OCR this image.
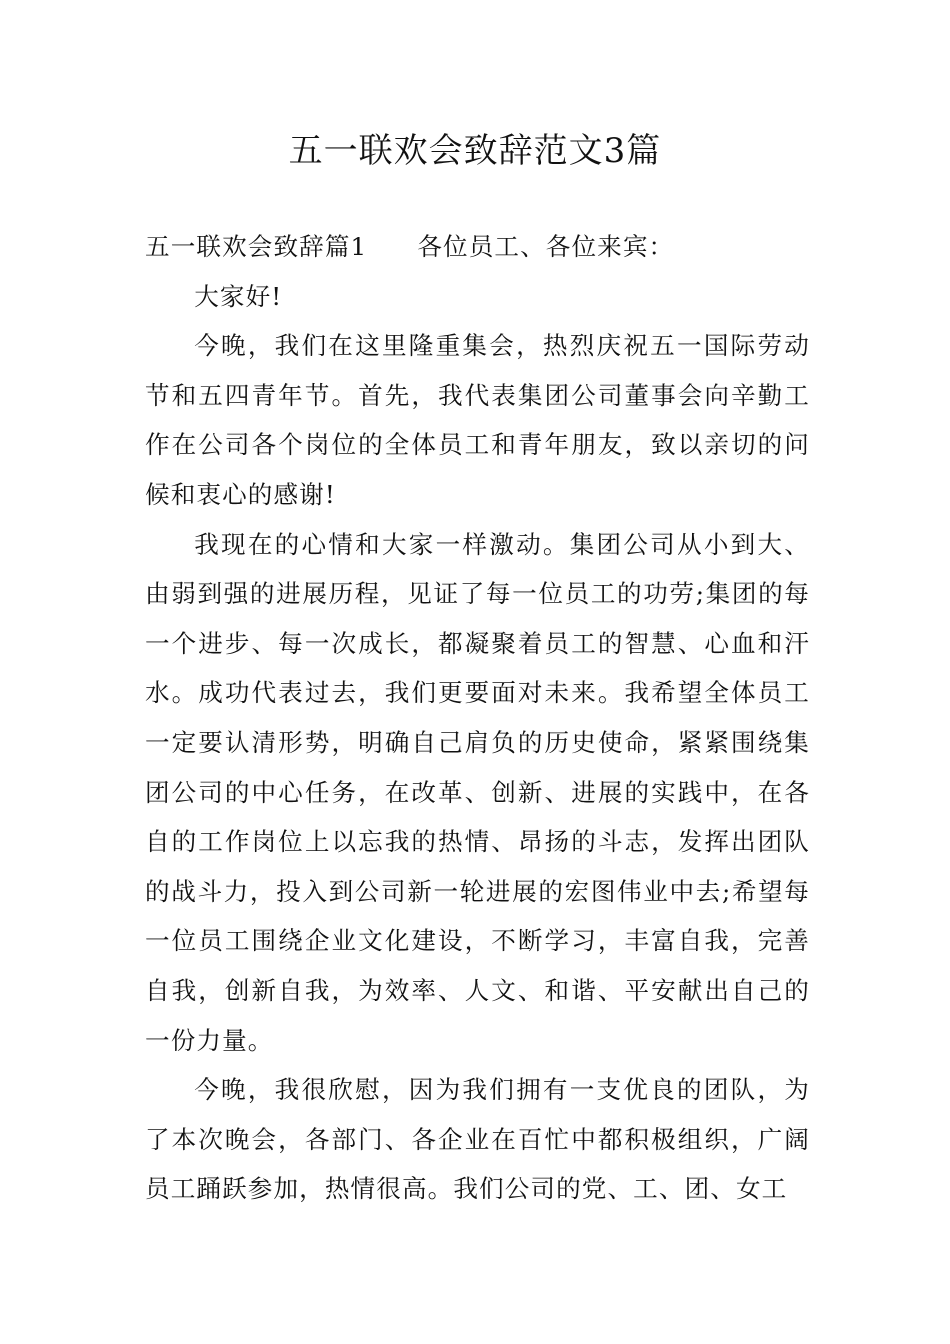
五一联欢会致辞范文3篇

五一联欢会致辞篇1 各位员工、各位来宾：

大家好!

今晚，我们在这里隆重集会，热烈庆祝五一国际劳动节和五四青年节。首先，我代表集团公司董事会向辛勤工作在公司各个岗位的全体员工和青年朋友，致以亲切的问候和衷心的感谢!

我现在的心情和大家一样激动。集团公司从小到大、由弱到强的进展历程，见证了每一位员工的功劳;集团的每一个进步、每一次成长，都凝聚着员工的智慧、心血和汗水。成功代表过去，我们更要面对未来。我希望全体员工一定要认清形势，明确自己肩负的历史使命，紧紧围绕集团公司的中心任务，在改革、创新、进展的实践中，在各自的工作岗位上以忘我的热情、昂扬的斗志，发挥出团队的战斗力，投入到公司新一轮进展的宏图伟业中去;希望每一位员工围绕企业文化建设，不断学习，丰富自我，完善自我，创新自我，为效率、人文、和谐、平安献出自己的一份力量。

今晚，我很欣慰，因为我们拥有一支优良的团队，为了本次晚会，各部门、各企业在百忙中都积极组织，广阔员工踊跃参加，热情很高。我们公司的党、工、团、女工
